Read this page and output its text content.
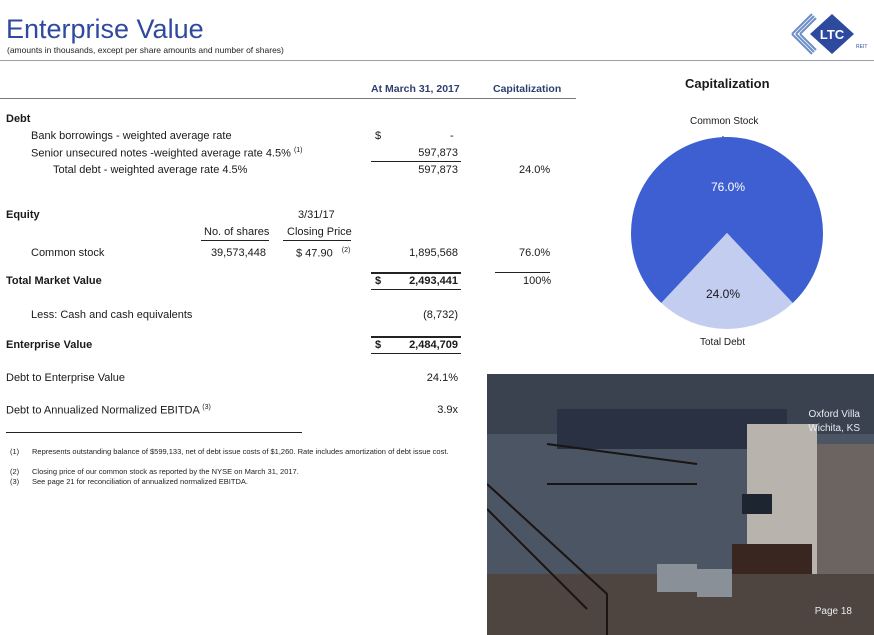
Enterprise Value
(amounts in thousands, except per share amounts and number of shares)
LTC
REIT
At March 31, 2017	Capitalization
Debt
Bank borrowings - weighted average rate	$	-
Senior unsecured notes -weighted average rate 4.5% $^{(1)}$	597,873
Total debt - weighted average rate 4.5%	597,873	24.0%
Equity	3/31/17
No. of shares Closing Price
Common stock	39,573,448	$ 47.90 $^{(2)}$	1,895,568	76.0%
Total Market Value	$	2,493,441	100%
Less: Cash and cash equivalents	(8,732)
Enterprise Value	$	2,484,709
Debt to Enterprise Value	24.1%
Debt to Annualized Normalized EBITDA $^{(3)}$	3.9x
(1) Represents outstanding balance of $599,133, net of debt issue costs of $1,260. Rate includes amortization of debt issue cost.
(2) Closing price of our common stock as reported by the NYSE on March 31, 2017.
(3) See page 21 for reconciliation of annualized normalized EBITDA.
Capitalization
Common Stock
Total Debt
76.0%
24.0%
Oxford Villa
Wichita, KS
Page 18
